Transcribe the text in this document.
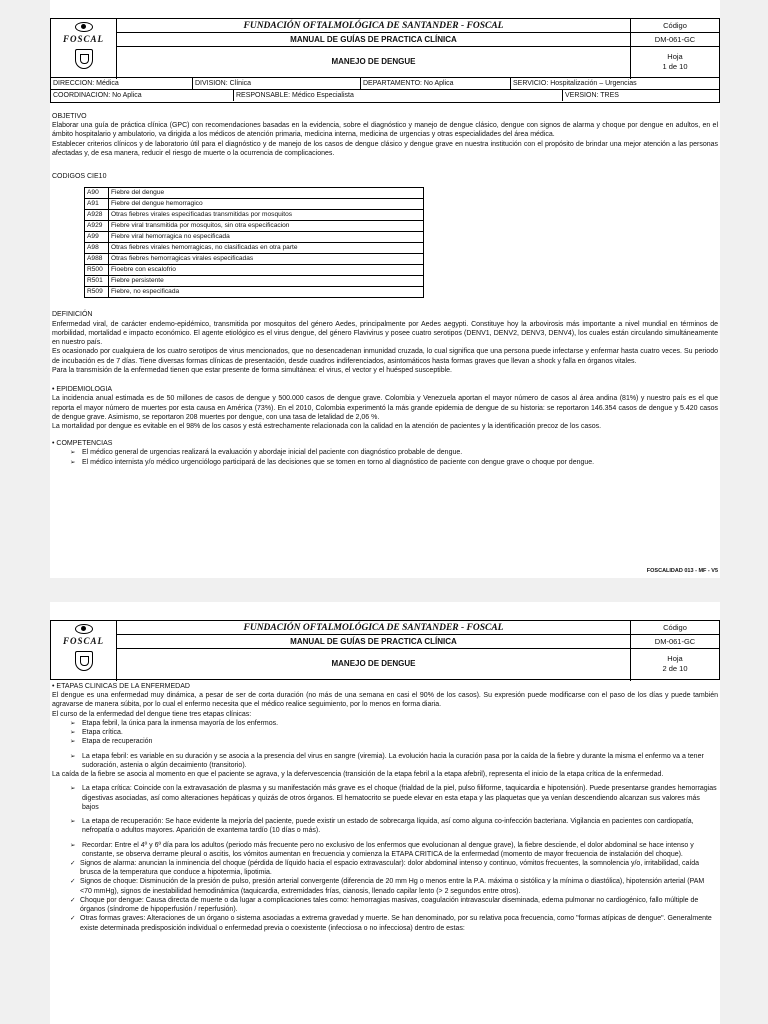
FOSCAL
FUNDACIÓN OFTALMOLÓGICA DE SANTANDER - FOSCAL
MANUAL DE GUÍAS DE PRACTICA CLÍNICA
MANEJO DE DENGUE
Código
DM-061-GC
Hoja
1 de 10
DIRECCION: Médica	DIVISION: Clínica	DEPARTAMENTO: No Aplica	SERVICIO: Hospitalización – Urgencias
COORDINACION: No Aplica	RESPONSABLE: Médico Especialista	VERSION: TRES
OBJETIVO

Elaborar una guía de práctica clínica (GPC) con recomendaciones basadas en la evidencia, sobre el diagnóstico y manejo de dengue clásico, dengue con signos de alarma y choque por dengue en adultos, en el ámbito hospitalario y ambulatorio, va dirigida a los médicos de atención primaria, medicina interna, medicina de urgencias y otras especialidades del área médica.

Establecer criterios clínicos y de laboratorio útil para el diagnóstico y de manejo de los casos de dengue clásico y dengue grave en nuestra institución con el propósito de brindar una mejor atención a las personas afectadas y, de esa manera, reducir el riesgo de muerte o la ocurrencia de complicaciones.

CODIGOS CIE10
A90	Fiebre del dengue
A91	Fiebre del dengue hemorragico
A928	Otras fiebres virales especificadas transmitidas por mosquitos
A929	Fiebre viral transmitida por mosquitos, sin otra especificacion
A99	Fiebre viral hemorragica no especificada
A98	Otras fiebres virales hemorragicas, no clasificadas en otra parte
A988	Otras fiebres hemorragicas virales especificadas
R500	Fioebre con escalofrio
R501	Fiebre persistente
R509	Fiebre, no especificada
DEFINICIÓN

Enfermedad viral, de carácter endemo-epidémico, transmitida por mosquitos del género Aedes, principalmente por Aedes aegypti. Constituye hoy la arbovirosis más importante a nivel mundial en términos de morbilidad, mortalidad e impacto económico. El agente etiológico es el virus dengue, del género Flavivirus y posee cuatro serotipos (DENV1, DENV2, DENV3, DENV4), los cuales están circulando simultáneamente en nuestro país.

Es ocasionado por cualquiera de los cuatro serotipos de virus mencionados, que no desencadenan inmunidad cruzada, lo cual significa que una persona puede infectarse y enfermar hasta cuatro veces. Su periodo de incubación es de 7 días. Tiene diversas formas clínicas de presentación, desde cuadros indiferenciados, asintomáticos hasta formas graves que llevan a shock y falla en órganos vitales.

Para la transmisión de la enfermedad tienen que estar presente de forma simultánea: el virus, el vector y el huésped susceptible.

• EPIDEMIOLOGIA

La incidencia anual estimada es de 50 millones de casos de dengue y 500.000 casos de dengue grave. Colombia y Venezuela aportan el mayor número de casos al área andina (81%) y nuestro país es el que reporta el mayor número de muertes por esta causa en América (73%). En el 2010, Colombia experimentó la más grande epidemia de dengue de su historia: se reportaron 146.354 casos de dengue y 5.420 casos de dengue grave. Asimismo, se reportaron 208 muertes por dengue, con una tasa de letalidad de 2,06 %.

La mortalidad por dengue es evitable en el 98% de los casos y está estrechamente relacionada con la calidad en la atención de pacientes y la identificación precoz de los casos.

• COMPETENCIAS
➢ El médico general de urgencias realizará la evaluación y abordaje inicial del paciente con diagnóstico probable de dengue.
➢ El médico internista y/o médico urgenciólogo participará de las decisiones que se tomen en torno al diagnóstico de paciente con dengue grave o choque por dengue.
FOSCALIDAD 013 - MF - V5
FOSCAL
FUNDACIÓN OFTALMOLÓGICA DE SANTANDER - FOSCAL
MANUAL DE GUÍAS DE PRACTICA CLÍNICA
MANEJO DE DENGUE
Código
DM-061-GC
Hoja
2 de 10
• ETAPAS CLINICAS DE LA ENFERMEDAD

El dengue es una enfermedad muy dinámica, a pesar de ser de corta duración (no más de una semana en casi el 90% de los casos). Su expresión puede modificarse con el paso de los días y puede también agravarse de manera súbita, por lo cual el enfermo necesita que el médico realice seguimiento, por lo menos en forma diaria.

El curso de la enfermedad del dengue tiene tres etapas clínicas:

➢ Etapa febril, la única para la inmensa mayoría de los enfermos.
➢ Etapa crítica.
➢ Etapa de recuperación
➢ La etapa febril: es variable en su duración y se asocia a la presencia del virus en sangre (viremia). La evolución hacia la curación pasa por la caída de la fiebre y durante la misma el enfermo va a tener sudoración, astenia o algún decaimiento (transitorio).

La caída de la fiebre se asocia al momento en que el paciente se agrava, y la defervescencia (transición de la etapa febril a la etapa afebril), representa el inicio de la etapa crítica de la enfermedad.

➢ La etapa crítica: Coincide con la extravasación de plasma y su manifestación más grave es el choque (frialdad de la piel, pulso filiforme, taquicardia e hipotensión). Puede presentarse grandes hemorragias digestivas asociadas, así como alteraciones hepáticas y quizás de otros órganos. El hematocrito se puede elevar en esta etapa y las plaquetas que ya venían descendiendo alcanzan sus valores más bajos
➢ La etapa de recuperación: Se hace evidente la mejoría del paciente, puede existir un estado de sobrecarga líquida, así como alguna co-infección bacteriana. Vigilancia en pacientes con cardiopatía, nefropatía o adultos mayores. Aparición de exantema tardío (10 días o más).
➢ Recordar: Entre el 4º y 6º día para los adultos (periodo más frecuente pero no exclusivo de los enfermos que evolucionan al dengue grave), la fiebre desciende, el dolor abdominal se hace intenso y constante, se observa derrame pleural o ascitis, los vómitos aumentan en frecuencia y comienza la ETAPA CRITICA de la enfermedad (momento de mayor frecuencia de instalación del choque).
✓ Signos de alarma: anuncian la inminencia del choque (pérdida de líquido hacia el espacio extravascular): dolor abdominal intenso y continuo, vómitos frecuentes, la somnolencia y/o, irritabilidad, caída brusca de la temperatura que conduce a hipotermia, lipotimia.
✓ Signos de choque: Disminución de la presión de pulso, presión arterial convergente (diferencia de 20 mm Hg o menos entre la P.A. máxima o sistólica y la mínima o diastólica), hipotensión arterial (PAM <70 mmHg), signos de inestabilidad hemodinámica (taquicardia, extremidades frías, cianosis, llenado capilar lento (> 2 segundos entre otros).
✓ Choque por dengue: Causa directa de muerte o da lugar a complicaciones tales como: hemorragias masivas, coagulación intravascular diseminada, edema pulmonar no cardiogénico, fallo múltiple de órganos (síndrome de hipoperfusión / reperfusión).
✓ Otras formas graves: Alteraciones de un órgano o sistema asociadas a extrema gravedad y muerte. Se han denominado, por su relativa poca frecuencia, como "formas atípicas de dengue". Generalmente existe determinada predisposición individual o enfermedad previa o coexistente (infecciosa o no infecciosa) dentro de estas:
